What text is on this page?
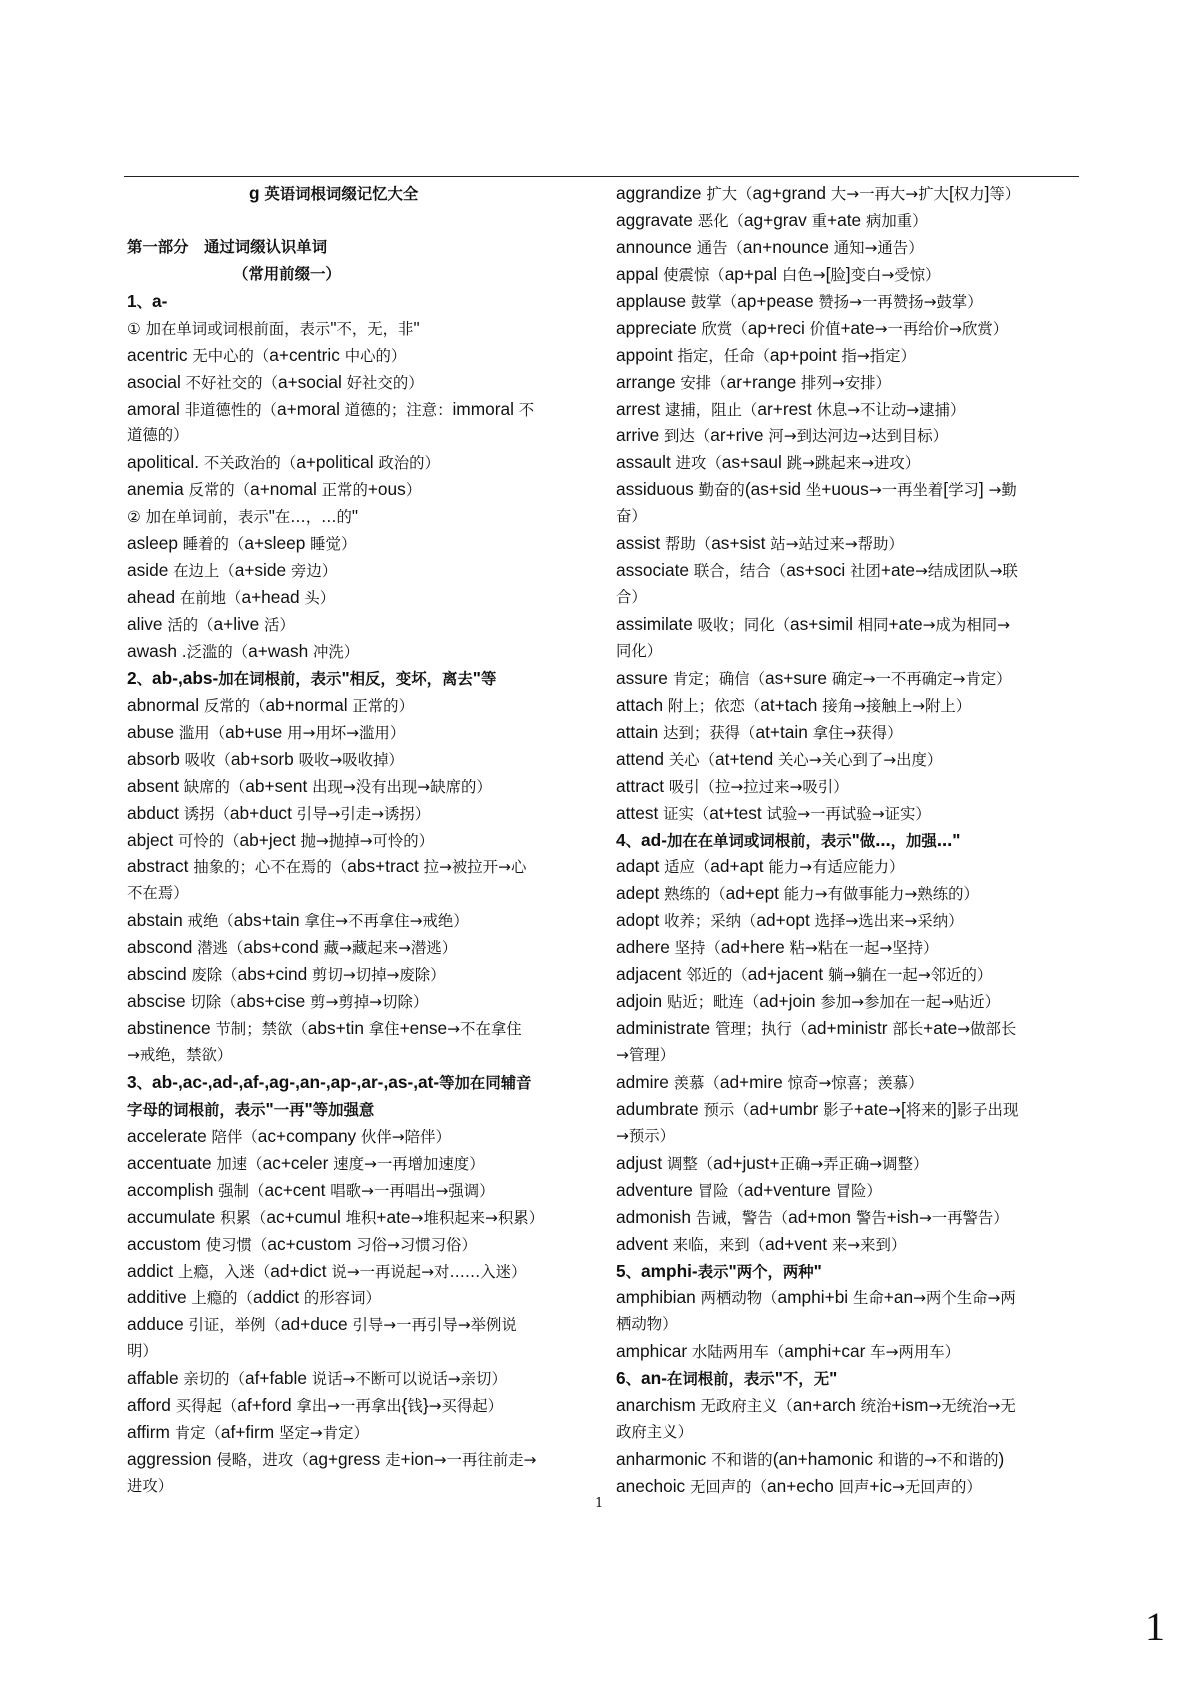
g 英语词根词缀记忆大全
第一部分　通过词缀认识单词
（常用前缀一）
1、a-
① 加在单词或词根前面，表示"不，无，非"
acentric 无中心的（a+centric 中心的）
asocial 不好社交的（a+social 好社交的）
amoral 非道德性的（a+moral 道德的；注意：immoral 不
道德的）
apolitical. 不关政治的（a+political 政治的）
anemia 反常的（a+nomal 正常的+ous）
② 加在单词前，表示"在…，…的"
asleep 睡着的（a+sleep 睡觉）
aside 在边上（a+side 旁边）
ahead 在前地（a+head 头）
alive 活的（a+live 活）
awash .泛滥的（a+wash 冲洗）
2、ab-,abs-加在词根前，表示"相反，变坏，离去"等
abnormal 反常的（ab+normal 正常的）
abuse 滥用（ab+use 用→用坏→滥用）
absorb 吸收（ab+sorb 吸收→吸收掉）
absent 缺席的（ab+sent 出现→没有出现→缺席的）
abduct 诱拐（ab+duct 引导→引走→诱拐）
abject 可怜的（ab+ject 抛→抛掉→可怜的）
abstract 抽象的；心不在焉的（abs+tract 拉→被拉开→心
不在焉）
abstain 戒绝（abs+tain 拿住→不再拿住→戒绝）
abscond 潜逃（abs+cond 藏→藏起来→潜逃）
abscind 废除（abs+cind 剪切→切掉→废除）
abscise 切除（abs+cise 剪→剪掉→切除）
abstinence 节制；禁欲（abs+tin 拿住+ense→不在拿住
→戒绝，禁欲）
3、ab-,ac-,ad-,af-,ag-,an-,ap-,ar-,as-,at-等加在同辅音
字母的词根前，表示"一再"等加强意
accelerate 陪伴（ac+company 伙伴→陪伴）
accentuate 加速（ac+celer 速度→一再增加速度）
accomplish 强制（ac+cent 唱歌→一再唱出→强调）
accumulate 积累（ac+cumul 堆积+ate→堆积起来→积累）
accustom 使习惯（ac+custom 习俗→习惯习俗）
addict 上瘾，入迷（ad+dict 说→一再说起→对……入迷）
additive 上瘾的（addict 的形容词）
adduce 引证，举例（ad+duce 引导→一再引导→举例说
明）
affable 亲切的（af+fable 说话→不断可以说话→亲切）
afford 买得起（af+ford 拿出→一再拿出{钱}→买得起）
affirm 肯定（af+firm 坚定→肯定）
aggression 侵略，进攻（ag+gress 走+ion→一再往前走→
进攻）
aggrandize 扩大（ag+grand 大→一再大→扩大[权力]等）
aggravate 恶化（ag+grav 重+ate 病加重）
announce 通告（an+nounce 通知→通告）
appal 使震惊（ap+pal 白色→[脸]变白→受惊）
applause 鼓掌（ap+pease 赞扬→一再赞扬→鼓掌）
appreciate 欣赏（ap+reci 价值+ate→一再给价→欣赏）
appoint 指定，任命（ap+point 指→指定）
arrange 安排（ar+range 排列→安排）
arrest 逮捕，阻止（ar+rest 休息→不让动→逮捕）
arrive 到达（ar+rive 河→到达河边→达到目标）
assault 进攻（as+saul 跳→跳起来→进攻）
assiduous 勤奋的(as+sid 坐+uous→一再坐着[学习] →勤
奋）
assist 帮助（as+sist 站→站过来→帮助）
associate 联合，结合（as+soci 社团+ate→结成团队→联
合）
assimilate 吸收；同化（as+simil 相同+ate→成为相同→
同化）
assure 肯定；确信（as+sure 确定→一不再确定→肯定）
attach 附上；依恋（at+tach 接角→接触上→附上）
attain 达到；获得（at+tain 拿住→获得）
attend 关心（at+tend 关心→关心到了→出度）
attract 吸引（拉→拉过来→吸引）
attest 证实（at+test 试验→一再试验→证实）
4、ad-加在在单词或词根前，表示"做…，加强…"
adapt 适应（ad+apt 能力→有适应能力）
adept 熟练的（ad+ept 能力→有做事能力→熟练的）
adopt 收养；采纳（ad+opt 选择→选出来→采纳）
adhere 坚持（ad+here 粘→粘在一起→坚持）
adjacent 邻近的（ad+jacent 躺→躺在一起→邻近的）
adjoin 贴近；毗连（ad+join 参加→参加在一起→贴近）
administrate 管理；执行（ad+ministr 部长+ate→做部长
→管理）
admire 羡慕（ad+mire 惊奇→惊喜；羡慕）
adumbrate 预示（ad+umbr 影子+ate→[将来的]影子出现
→预示）
adjust 调整（ad+just+正确→弄正确→调整）
adventure 冒险（ad+venture 冒险）
admonish 告诫，警告（ad+mon 警告+ish→一再警告）
advent 来临，来到（ad+vent 来→来到）
5、amphi-表示"两个，两种"
amphibian 两栖动物（amphi+bi 生命+an→两个生命→两
栖动物）
amphicar 水陆两用车（amphi+car 车→两用车）
6、an-在词根前，表示"不，无"
anarchism 无政府主义（an+arch 统治+ism→无统治→无
政府主义）
anharmonic 不和谐的(an+hamonic 和谐的→不和谐的)
anechoic 无回声的（an+echo 回声+ic→无回声的）
1
1
